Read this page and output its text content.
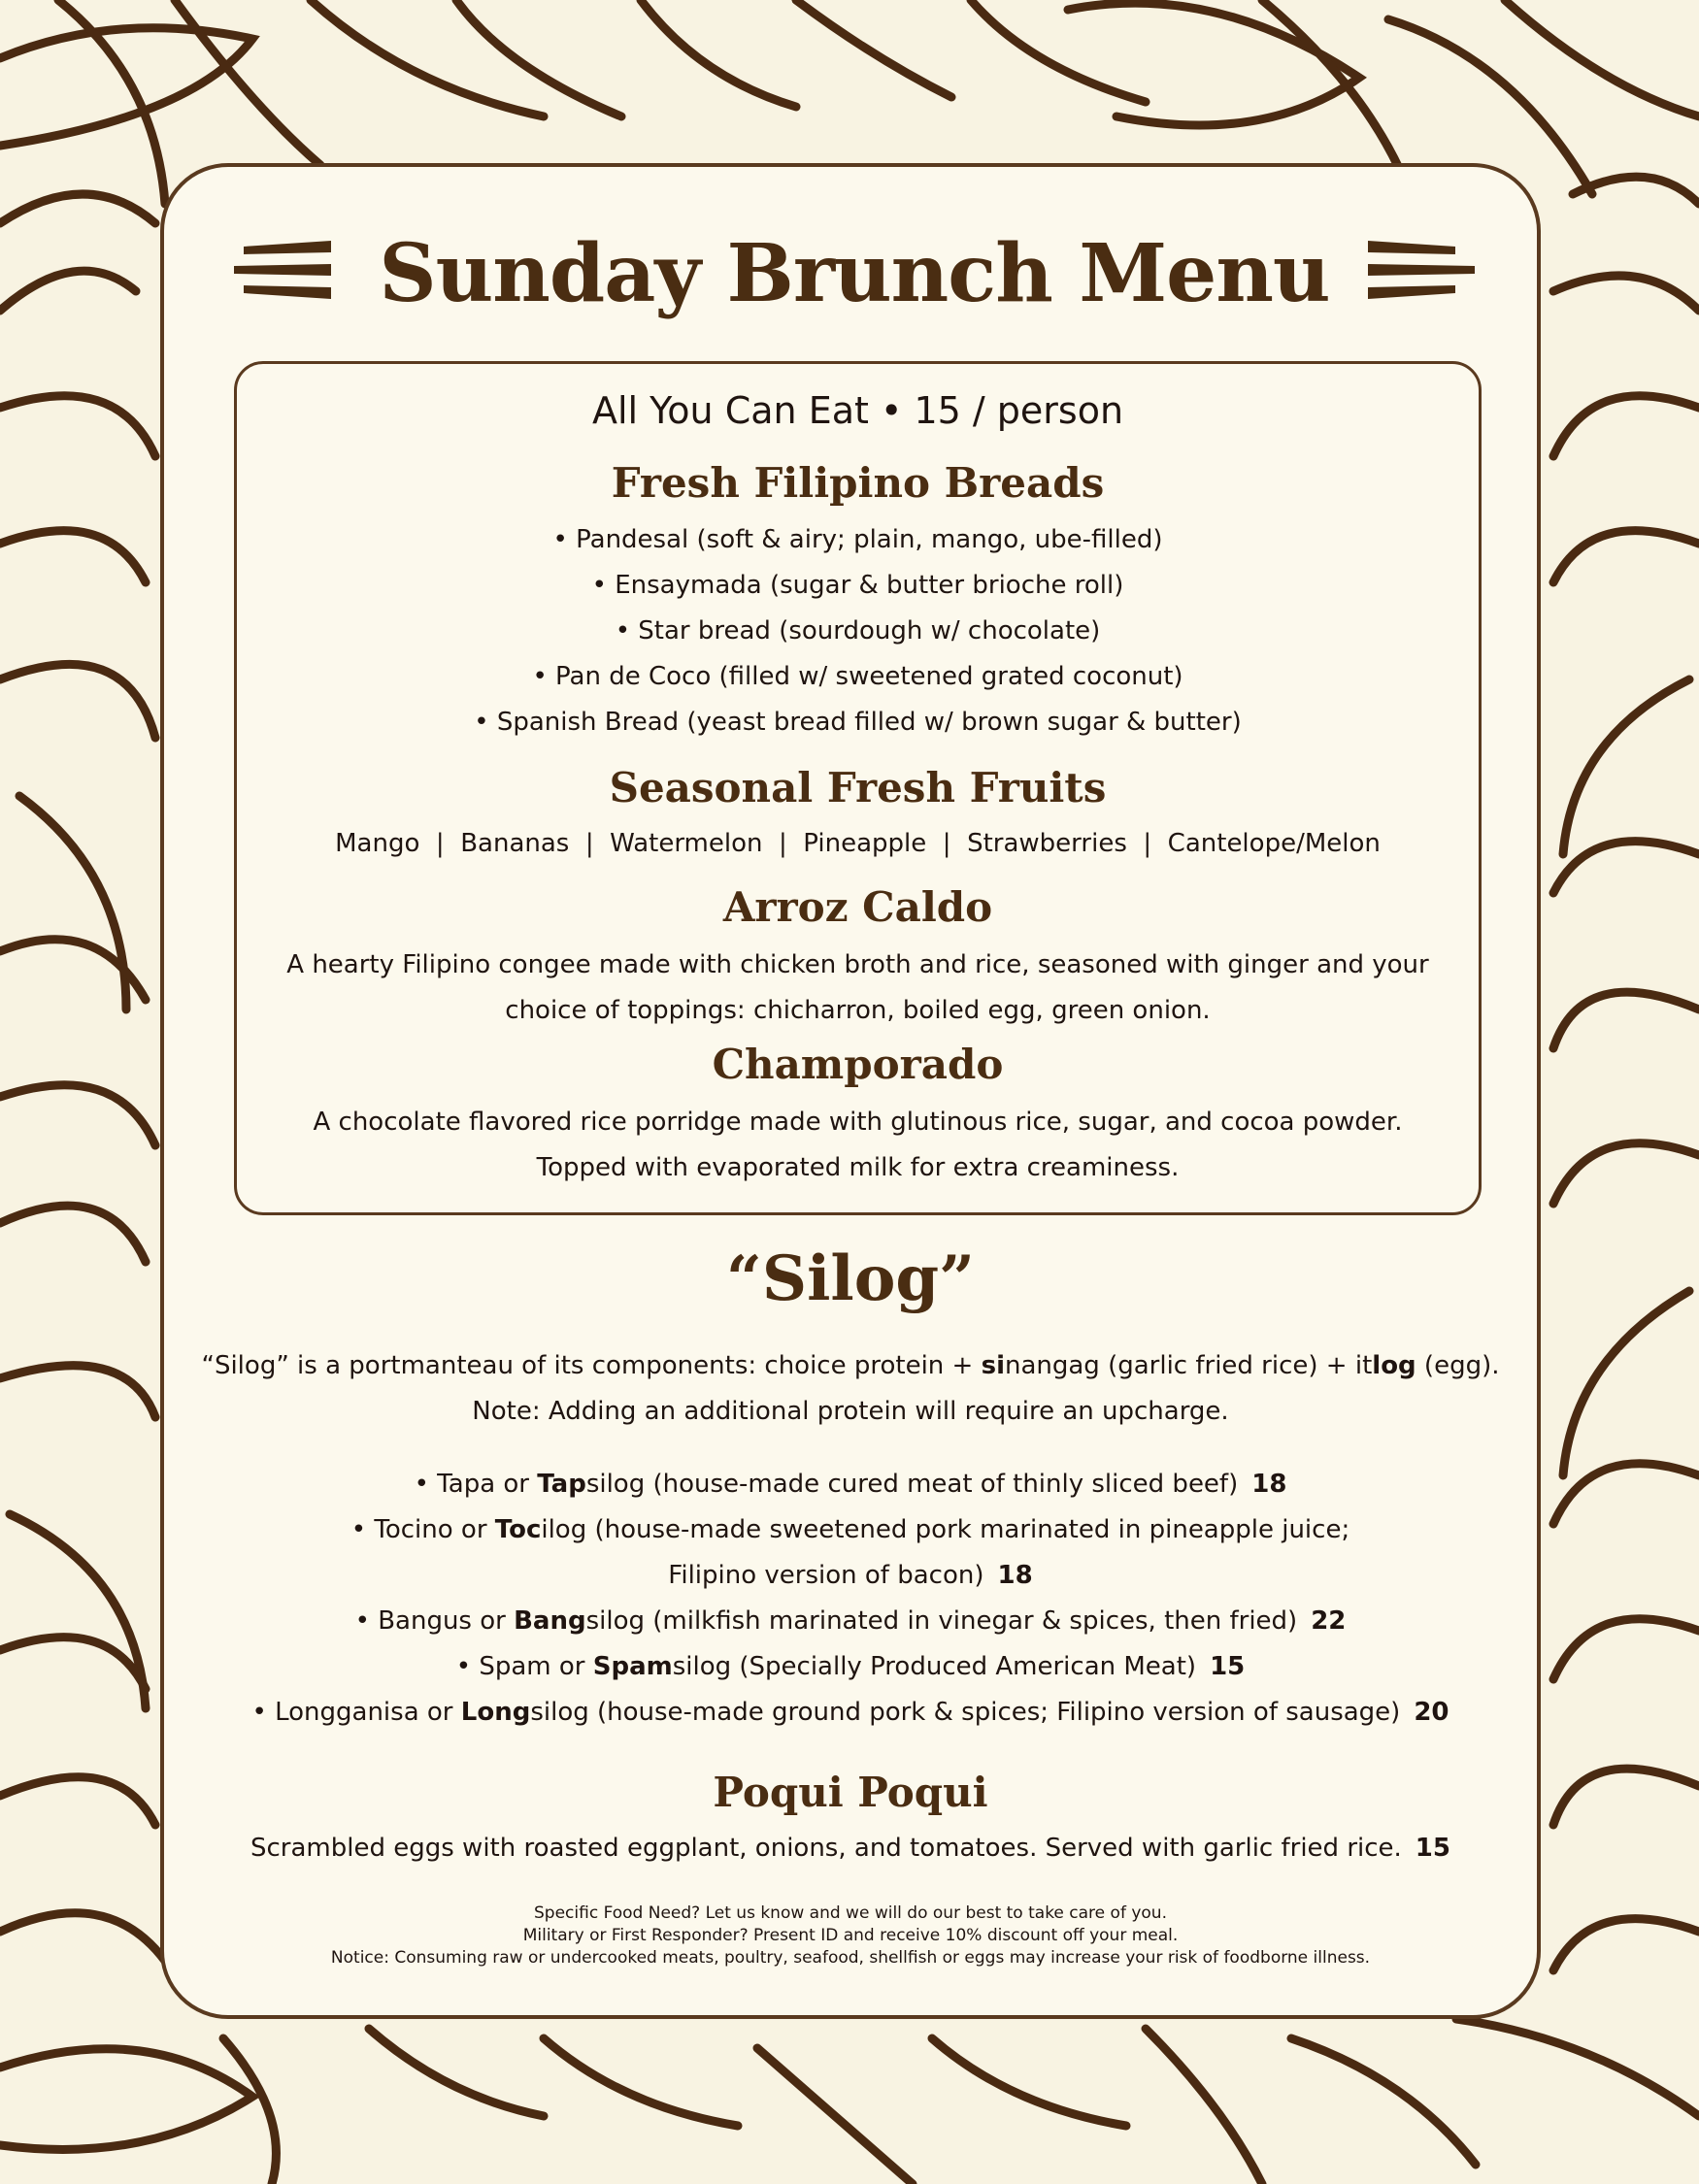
Sunday Brunch Menu
All You Can Eat • 15 / person
Fresh Filipino Breads
• Pandesal (soft & airy; plain, mango, ube-filled)
• Ensaymada (sugar & butter brioche roll)
• Star bread (sourdough w/ chocolate)
• Pan de Coco (filled w/ sweetened grated coconut)
• Spanish Bread (yeast bread filled w/ brown sugar & butter)
Seasonal Fresh Fruits
Mango  |  Bananas  |  Watermelon  |  Pineapple  |  Strawberries  |  Cantelope/Melon
Arroz Caldo
A hearty Filipino congee made with chicken broth and rice, seasoned with ginger and your
choice of toppings: chicharron, boiled egg, green onion.
Champorado
A chocolate flavored rice porridge made with glutinous rice, sugar, and cocoa powder.
Topped with evaporated milk for extra creaminess.
“Silog”
“Silog” is a portmanteau of its components: choice protein + sinangag (garlic fried rice) + itlog (egg).
Note: Adding an additional protein will require an upcharge.
• Tapa or Tapsilog (house-made cured meat of thinly sliced beef) 18
• Tocino or Tocilog (house-made sweetened pork marinated in pineapple juice;
Filipino version of bacon) 18
• Bangus or Bangsilog (milkfish marinated in vinegar & spices, then fried) 22
• Spam or Spamsilog (Specially Produced American Meat) 15
• Longganisa or Longsilog (house-made ground pork & spices; Filipino version of sausage) 20
Poqui Poqui
Scrambled eggs with roasted eggplant, onions, and tomatoes. Served with garlic fried rice. 15
Specific Food Need? Let us know and we will do our best to take care of you.
Military or First Responder? Present ID and receive 10% discount off your meal.
Notice: Consuming raw or undercooked meats, poultry, seafood, shellfish or eggs may increase your risk of foodborne illness.
